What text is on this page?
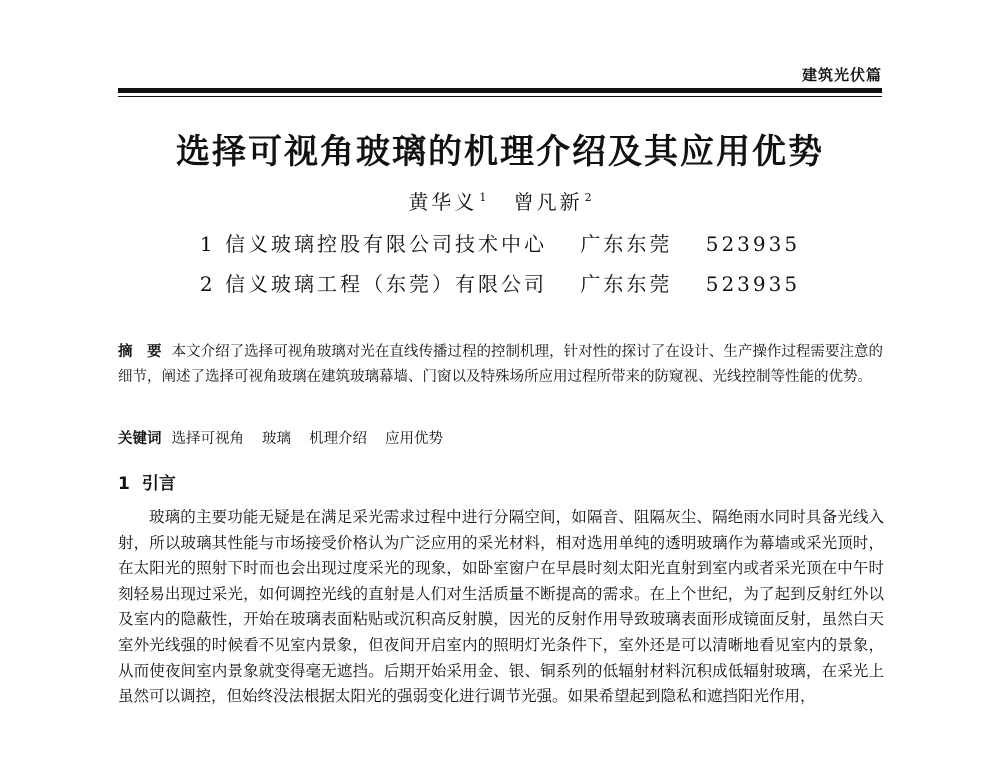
建筑光伏篇
选择可视角玻璃的机理介绍及其应用优势
黄华义 $^1$ 曾凡新 $^2$
1 信义玻璃控股有限公司技术中心 广东东莞 523935
2 信义玻璃工程（东莞）有限公司 广东东莞 523935

摘　要 本文介绍了选择可视角玻璃对光在直线传播过程的控制机理，针对性的探讨了在设计、生产操作过程需要注意的细节，阐述了选择可视角玻璃在建筑玻璃幕墙、门窗以及特殊场所应用过程所带来的防窥视、光线控制等性能的优势。

关键词 选择可视角 玻璃 机理介绍 应用优势

1 引言

玻璃的主要功能无疑是在满足采光需求过程中进行分隔空间，如隔音、阻隔灰尘、隔绝雨水同时具备光线入射，所以玻璃其性能与市场接受价格认为广泛应用的采光材料，相对选用单纯的透明玻璃作为幕墙或采光顶时，在太阳光的照射下时而也会出现过度采光的现象，如卧室窗户在早晨时刻太阳光直射到室内或者采光顶在中午时刻轻易出现过采光，如何调控光线的直射是人们对生活质量不断提高的需求。在上个世纪，为了起到反射红外以及室内的隐蔽性，开始在玻璃表面粘贴或沉积高反射膜，因光的反射作用导致玻璃表面形成镜面反射，虽然白天室外光线强的时候看不见室内景象，但夜间开启室内的照明灯光条件下，室外还是可以清晰地看见室内的景象，从而使夜间室内景象就变得毫无遮挡。后期开始采用金、银、铜系列的低辐射材料沉积成低辐射玻璃，在采光上虽然可以调控，但始终没法根据太阳光的强弱变化进行调节光强。如果希望起到隐私和遮挡阳光作用，
